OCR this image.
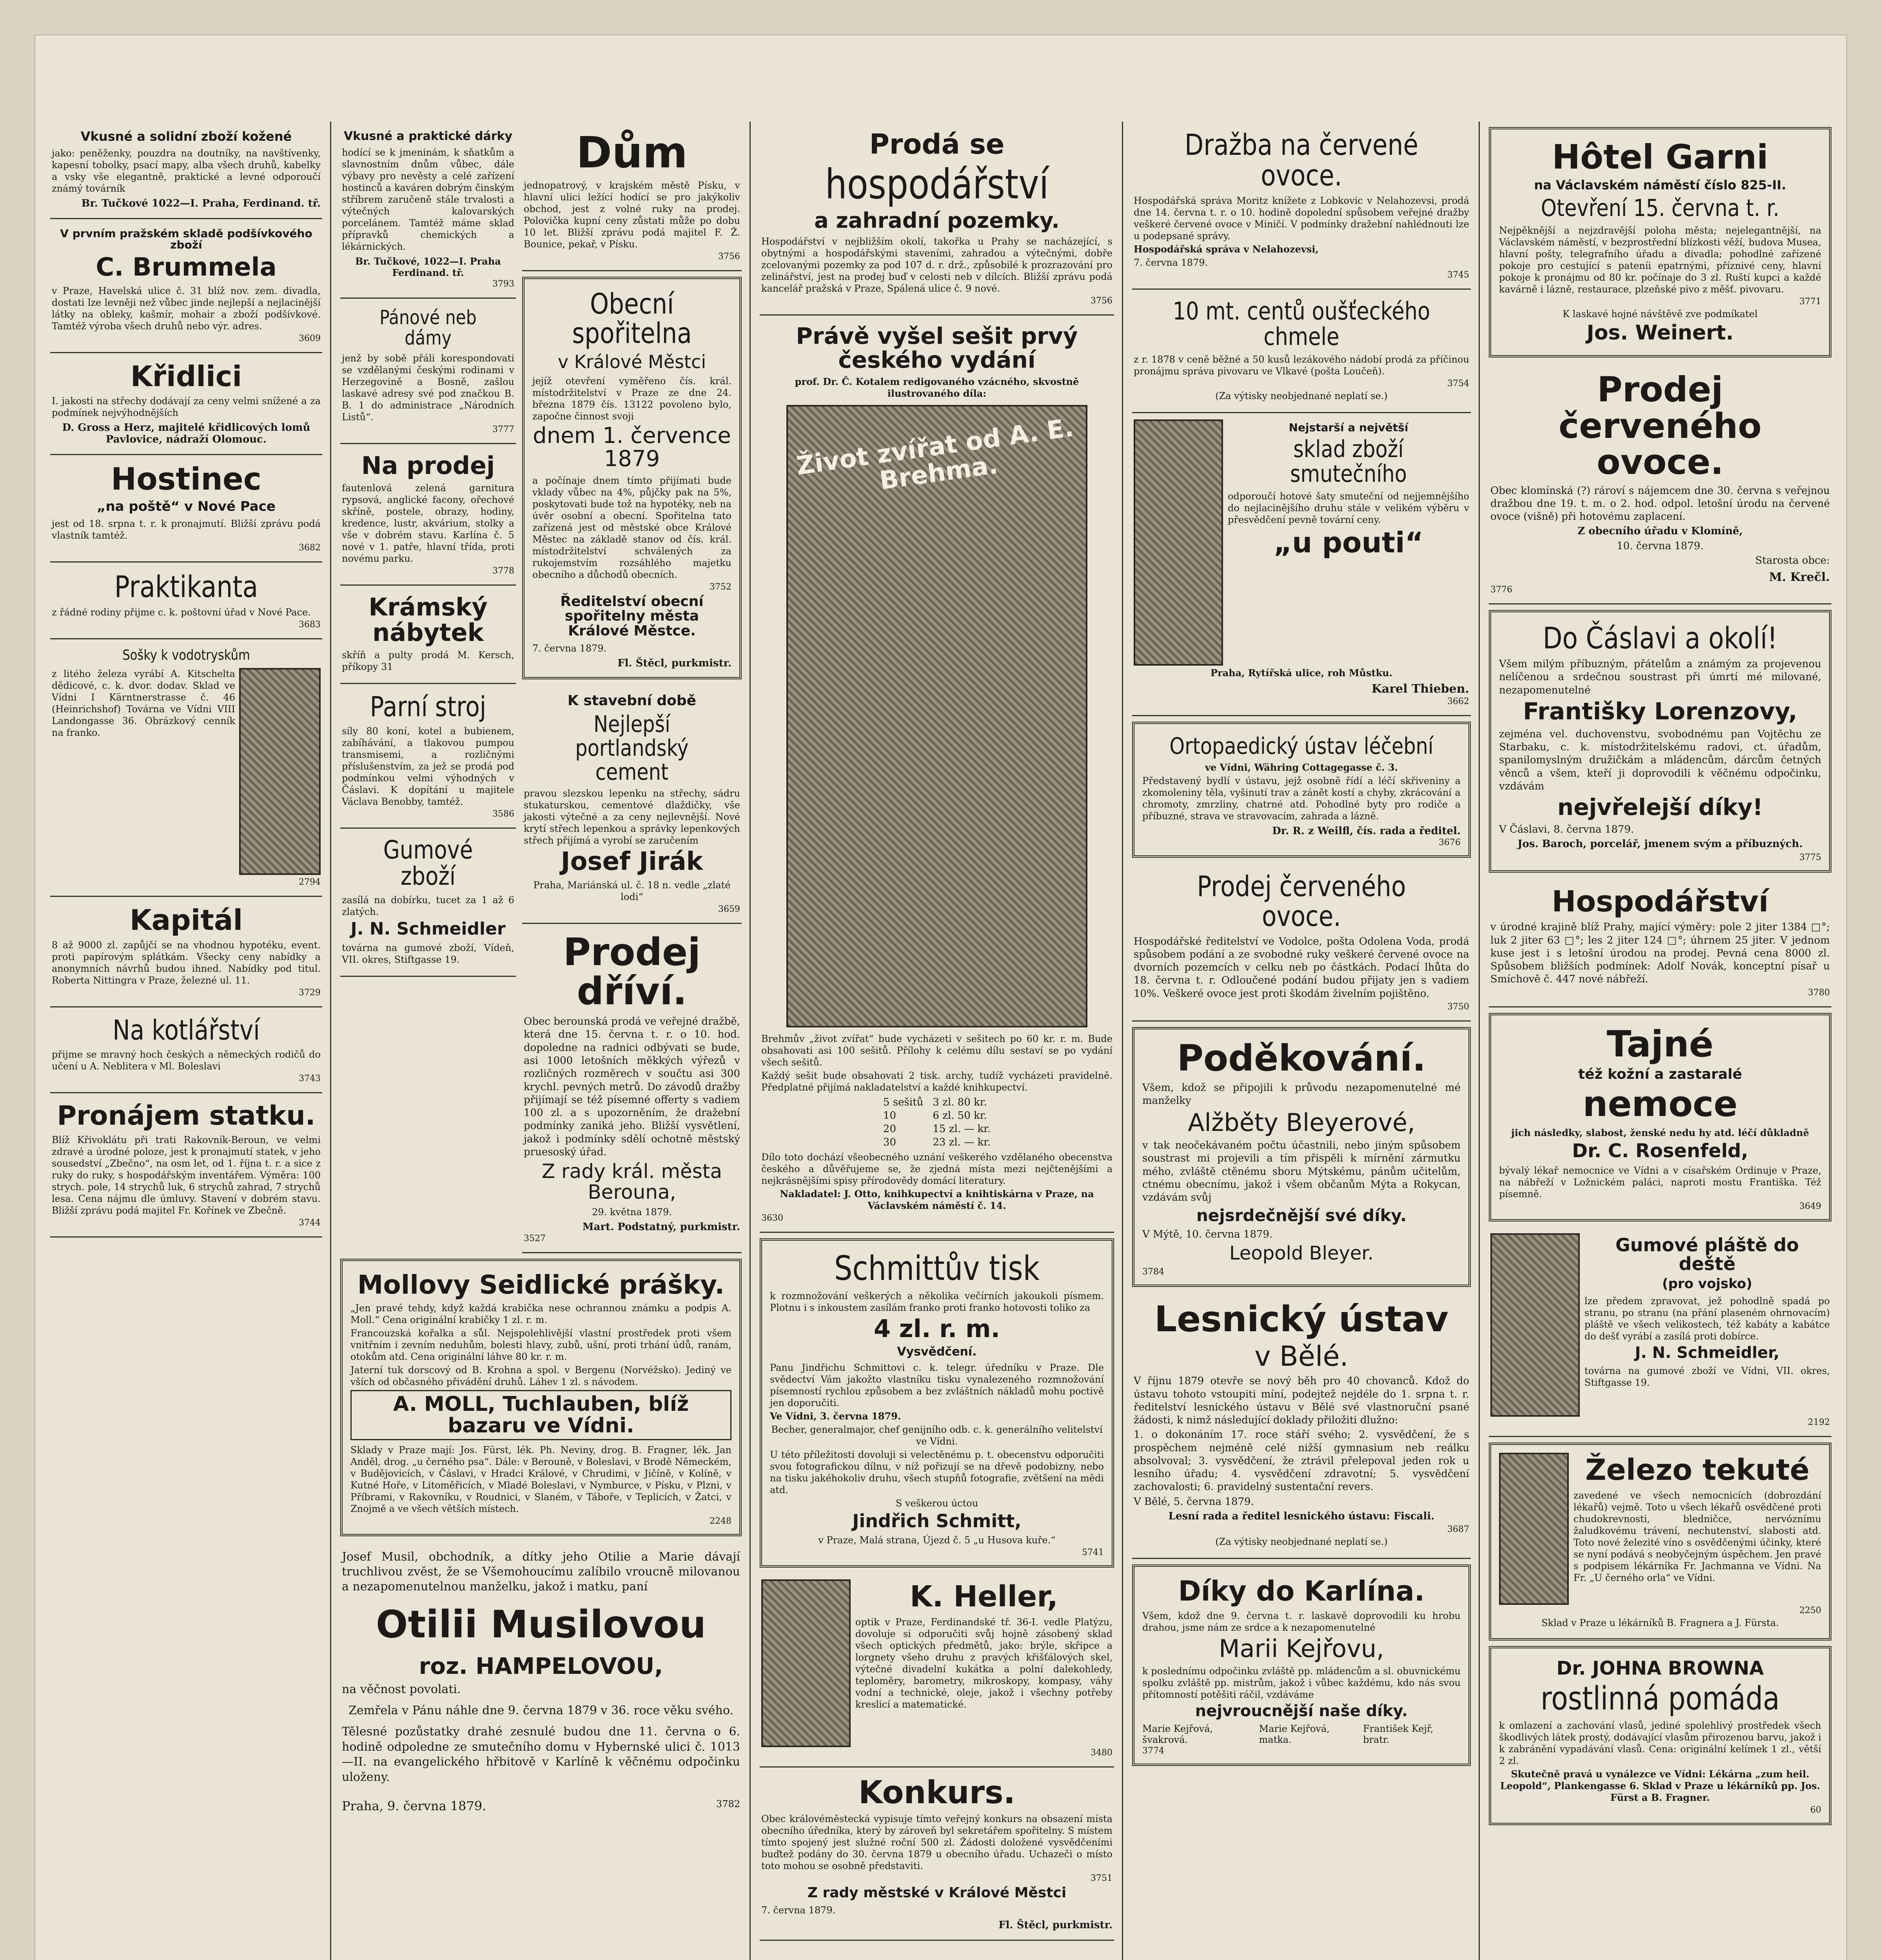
Vkusné a solidní zboží kožené
jako: peněženky, pouzdra na doutníky, na navštívenky, kapesní tobolky, psací mapy, alba všech druhů, kabelky a vsky vše elegantně, praktické a levné odporoučí známý továrník
Br. Tučkové 1022—I. Praha, Ferdinand. tř.
V prvním pražském skladě podšívkového zboží
C. Brummela
v Praze, Havelská ulice č. 31 blíž nov. zem. divadla, dostati lze levněji než vůbec jinde nejlepší a nejlacinější látky na obleky, kašmír, mohair a zboží podšívkové. Tamtéž výroba všech druhů nebo výr. adres.
3609
Křidlici
I. jakosti na střechy dodávají za ceny velmi snížené a za podmínek nejvýhodnějších
D. Gross a Herz, majitelé křidlicových lomů Pavlovice, nádraží Olomouc.
Hostinec
„na poště“ v Nové Pace
jest od 18. srpna t. r. k pronajmutí. Bližší zprávu podá vlastník tamtéž.
3682
Praktikanta
z řádné rodiny přijme c. k. poštovní úřad v Nové Pace.
3683
Sošky k vodotryskům
z litého železa vyrábí A. Kitschelta dědicové, c. k. dvor. dodav. Sklad ve Vídni I Kärntnerstrasse č. 46 (Heinrichshof) Továrna ve Vídni VIII Landongasse 36. Obrázkový cenník na franko.
2794
Kapitál
8 až 9000 zl. zapůjčí se na vhodnou hypotéku, event. proti papírovým splátkám. Všecky ceny nabídky a anonymních návrhů budou ihned. Nabídky pod titul. Roberta Nittingra v Praze, železné ul. 11.
3729
Na kotlářství
přijme se mravný hoch českých a německých rodičů do učení u A. Neblitera v Ml. Boleslavi
3743
Pronájem statku.
Blíž Křivoklátu při trati Rakovník-Beroun, ve velmi zdravé a úrodné poloze, jest k pronajmutí statek, v jeho sousedství „Zbečno“, na osm let, od 1. října t. r. a sice z ruky do ruky, s hospodářským inventářem. Výměra: 100 strych. pole, 14 strychů luk, 6 strychů zahrad, 7 strychů lesa. Cena nájmu dle úmluvy. Stavení v dobrém stavu. Bližší zprávu podá majitel Fr. Kořínek ve Zbečně.
3744
Vkusné a praktické dárky
hodící se k jmeninám, k sňatkům a slavnostním dnům vůbec, dále výbavy pro nevěsty a celé zařízení hostinců a kaváren dobrým činským stříbrem zaručeně stále trvalosti a výtečných kalovarských porcelánem. Tamtéž máme sklad přípravků chemických a lékárnických.
Br. Tučkové, 1022—I. Praha Ferdinand. tř.
3793
Pánové neb dámy
jenž by sobě přáli korespondovati se vzdělanými českými rodinami v Herzegovině a Bosně, zašlou laskavé adresy své pod značkou B. B. 1 do administrace „Národních Listů“.
3777
Na prodej
fautenlová zelená garnitura rypsová, anglické facony, ořechové skříně, postele, obrazy, hodiny, kredence, lustr, akvárium, stolky a vše v dobrém stavu. Karlína č. 5 nové v 1. patře, hlavní třída, proti novému parku.
3778
Krámský nábytek
skříň a pulty prodá M. Kersch, příkopy 31
Parní stroj
síly 80 koní, kotel a bubienem, zabíhávání, a tlakovou pumpou transmisemi, a rozličnými příslušenstvím, za jež se prodá pod podmínkou velmi výhodných v Čáslavi. K dopítání u majitele Václava Benobby, tamtéž.
3586
Gumové zboží
zasílá na dobírku, tucet za 1 až 6 zlatých.
J. N. Schmeidler
továrna na gumové zboží, Vídeň, VII. okres, Stiftgasse 19.
Dům
jednopatrový, v krajském městě Písku, v hlavní ulici ležící hodící se pro jakýkoliv obchod, jest z volné ruky na prodej. Polovička kupní ceny zůstati může po dobu 10 let. Bližší zprávu podá majitel F. Ž. Bounice, pekař, v Písku.
3756
Obecní spořitelna
v Králové Městci
jejíž otevření vyměřeno čís. král. místodržitelství v Praze ze dne 24. března 1879 čís. 13122 povoleno bylo, započne činnost svoji
dnem 1. července 1879
a počínaje dnem tímto přijímati bude vklady vůbec na 4%, půjčky pak na 5%, poskytovati bude tož na hypotéky, neb na úvěr osobní a obecní. Spořitelna tato zařízená jest od městské obce Králové Městec na základě stanov od čís. král. místodržitelství schválených za rukojemstvím rozsáhlého majetku obecního a důchodů obecních.
3752
Ředitelství obecní spořitelny města Králové Městce.
7. června 1879.
Fl. Štěcl, purkmistr.
K stavební době
Nejlepší portlandský cement
pravou slezskou lepenku na střechy, sádru stukaturskou, cementové dlaždičky, vše jakosti výtečné a za ceny nejlevnější. Nové krytí střech lepenkou a správky lepenkových střech přijímá a vyrobí se zaručením
Josef Jirák
Praha, Mariánská ul. č. 18 n. vedle „zlaté lodi“
3659
Prodej dříví.
Obec berounská prodá ve veřejné dražbě, která dne 15. června t. r. o 10. hod. dopoledne na radnici odbývati se bude, asi 1000 letošních měkkých výřezů v rozličných rozměrech v součtu asi 300 krychl. pevných metrů. Do závodů dražby přijímají se též písemné offerty s vadiem 100 zl. a s upozorněním, že dražební podmínky zaniká jeho. Bližší vysvětlení, jakož i podmínky sdělí ochotně městský pruesoský úřad.
Z rady král. města Berouna,
29. května 1879.
Mart. Podstatný, purkmistr.
3527
Mollovy Seidlické prášky.
„Jen pravé tehdy, když každá krabička nese ochrannou známku a podpis A. Moll.“ Cena originální krabičky 1 zl. r. m.
Francouzská kořalka a sůl. Nejspolehlivější vlastní prostředek proti všem vnitřním i zevním neduhům, bolesti hlavy, zubů, ušní, proti trhání údů, ranám, otokům atd. Cena originální láhve 80 kr. r. m.
Jaterní tuk dorscový od B. Krohna a spol. v Bergenu (Norvéžsko). Jediný ve vších od občasného přivádění druhů. Láhev 1 zl. s návodem.
A. MOLL, Tuchlauben, blíž bazaru ve Vídni.
Sklady v Praze mají: Jos. Fürst, lék. Ph. Neviny, drog. B. Fragner, lék. Jan Anděl, drog. „u černého psa“. Dále: v Berouně, v Boleslavi, v Brodě Německém, v Budějovicích, v Čáslavi, v Hradci Králové, v Chrudimi, v Jičíně, v Kolíně, v Kutné Hoře, v Litoměřicích, v Mladé Boleslavi, v Nymburce, v Písku, v Plzni, v Příbrami, v Rakovníku, v Roudnici, v Slaném, v Táboře, v Teplicích, v Žatci, v Znojmě a ve všech větších místech.
2248
Josef Musil, obchodník, a dítky jeho Otilie a Marie dávají truchlivou zvěst, že se Všemohoucímu zalíbilo vroucně milovanou a nezapomenutelnou manželku, jakož i matku, paní
Otilii Musilovou
roz. HAMPELOVOU,
na věčnost povolati.
Zemřela v Pánu náhle dne 9. června 1879 v 36. roce věku svého.
Tělesné pozůstatky drahé zesnulé budou dne 11. června o 6. hodině odpoledne ze smutečního domu v Hybernské ulici č. 1013—II. na evangelického hřbitově v Karlíně k věčnému odpočinku uloženy.
Praha, 9. června 1879.	3782
Prodá se
hospodářství
a zahradní pozemky.
Hospodářství v nejbližším okolí, takořka u Prahy se nacházející, s obytnými a hospodářskými staveními, zahradou a výtečnými, dobře zcelovanými pozemky za pod 107 d. r. drž., způsobilé k prozrazování pro zelinářství, jest na prodej buď v celosti neb v dílcích. Bližší zprávu podá kancelář pražská v Praze, Spálená ulice č. 9 nové.
3756
Právě vyšel sešit prvý českého vydání
prof. Dr. Č. Kotalem redigovaného vzácného, skvostně ilustrovaného díla:
Život zvířat od A. E. Brehma.
Brehmův „život zvířat“ bude vycházeti v sešitech po 60 kr. r. m. Bude obsahovati asi 100 sešitů. Přílohy k celému dílu sestaví se po vydání všech sešitů.
Každý sešit bude obsahovati 2 tisk. archy, tudíž vycházeti pravidelně. Předplatné přijímá nakladatelství a každé knihkupectví.
5 sešitů	3 zl. 80 kr.
10	6 zl. 50 kr.
20	15 zl. — kr.
30	23 zl. — kr.
Dílo toto dochází všeobecného uznání veškerého vzdělaného obecenstva českého a důvěřujeme se, že zjedná místa mezi nejčtenějšími a nejkrásnějšími spisy přírodovědy domácí literatury.
Nakladatel: J. Otto, knihkupectví a knihtiskárna v Praze, na Václavském náměstí č. 14.
3630
Schmittův tisk
k rozmnožování veškerých a několika večírních jakoukoli písmem. Plotnu i s inkoustem zasílám franko proti franko hotovosti toliko za
4 zl. r. m.
Vysvědčení.
Panu Jindřichu Schmittovi c. k. telegr. úředníku v Praze. Dle svědectví Vám jakožto vlastníku tisku vynalezeného rozmnožování písemností rychlou způsobem a bez zvláštních nákladů mohu poctivě jen doporučiti.
Ve Vídni, 3. června 1879.
Becher, generalmajor, chef genijního odb. c. k. generálního velitelství ve Vídni.
U této příležitosti dovoluji si velectěnému p. t. obecenstvu odporučiti svou fotografickou dílnu, v níž pořizují se na dřevě podobizny, nebo na tisku jakéhokoliv druhu, všech stupňů fotografie, zvětšení na mědi atd.
S veškerou úctou
Jindřich Schmitt,
v Praze, Malá strana, Újezd č. 5 „u Husova kuře.“
5741
K. Heller,
optik v Praze, Ferdinandské tř. 36-I. vedle Platýzu, dovoluje si odporučiti svůj hojně zásobený sklad všech optických předmětů, jako: brýle, skřipce a lorgnety všeho druhu z pravých křišťálových skel, výtečné divadelní kukátka a polní dalekohledy, teploměry, barometry, mikroskopy, kompasy, váhy vodní a technické, oleje, jakož i všechny potřeby kreslicí a matematické.
3480
Konkurs.
Obec královéměstecká vypisuje tímto veřejný konkurs na obsazení místa obecního úředníka, který by zároveň byl sekretářem spořitelny. S místem tímto spojený jest služné roční 500 zl. Žádosti doložené vysvědčeními buďtež podány do 30. června 1879 u obecního úřadu. Uchazeči o místo toto mohou se osobně představiti.
3751
Z rady městské v Králové Městci
7. června 1879.
Fl. Štěcl, purkmistr.
Dražba na červené ovoce.
Hospodářská správa Moritz knížete z Lobkovic v Nelahozevsi, prodá dne 14. června t. r. o 10. hodině dopolední spůsobem veřejné dražby veškeré červené ovoce v Miničí. V podmínky dražební nahlédnouti lze u podepsané správy.
Hospodářská správa v Nelahozevsi,
7. června 1879.
3745
10 mt. centů oušťeckého chmele
z r. 1878 v ceně běžné a 50 kusů lezákového nádobí prodá za příčinou pronájmu správa pivovaru ve Vlkavé (pošta Loučeň).
3754
(Za výtisky neobjednané neplatí se.)
Nejstarší a největší
sklad zboží smutečního
odporoučí hotové šaty smuteční od nejjemnějšího do nejlacinějšího druhu stále v velikém výběru v přesvědčení pevně tovární ceny.
„u pouti“
Praha, Rytířská ulice, roh Můstku.
Karel Thieben.
3662
Ortopaedický ústav léčební
ve Vídni, Währing Cottagegasse č. 3.
Představený bydlí v ústavu, jejž osobně řídí a léčí skřiveniny a zkomoleniny těla, vyšinutí trav a zánět kostí a chyby, zkrácování a chromoty, zmrzliny, chatrné atd. Pohodlné byty pro rodiče a příbuzné, strava ve stravovacím, zahrada a lázně.
Dr. R. z Weilfl, čís. rada a ředitel.
3676
Prodej červeného ovoce.
Hospodářské ředitelství ve Vodolce, pošta Odolena Voda, prodá spůsobem podání a ze svobodné ruky veškeré červené ovoce na dvorních pozemcích v celku neb po částkách. Podací lhůta do 18. června t. r. Odloučené podání budou přijaty jen s vadiem 10%. Veškeré ovoce jest proti škodám živelním pojištěno.
3750
Poděkování.
Všem, kdož se připojili k průvodu nezapomenutelné mé manželky
Alžběty Bleyerové,
v tak neočekávaném počtu účastnili, nebo jiným spůsobem soustrast mi projevili a tím přispěli k mírnění zármutku mého, zvláště ctěnému sboru Mýtskému, pánům učitelům, ctnému obecnímu, jakož i všem občanům Mýta a Rokycan, vzdávám svůj
nejsrdečnější své díky.
V Mýtě, 10. června 1879.
Leopold Bleyer.
3784
Lesnický ústav
v Bělé.
V říjnu 1879 otevře se nový běh pro 40 chovanců. Kdož do ústavu tohoto vstoupiti míní, podejtež nejdéle do 1. srpna t. r. ředitelství lesnického ústavu v Bělé své vlastnoruční psané žádosti, k nimž následující doklady přiložiti dlužno:
1. o dokonáním 17. roce stáří svého; 2. vysvědčení, že s prospěchem nejméně celé nižší gymnasium neb reálku absolvoval; 3. vysvědčení, že ztrávil přelepoval jeden rok u lesního úřadu; 4. vysvědčení zdravotní; 5. vysvědčení zachovalosti; 6. pravidelný sustentační revers.
V Bělé, 5. června 1879.
Lesní rada a ředitel lesnického ústavu: Fiscali.
3687
(Za výtisky neobjednané neplatí se.)
Díky do Karlína.
Všem, kdož dne 9. června t. r. laskavě doprovodili ku hrobu drahou, jsme nám ze srdce a k nezapomenutelné
Marii Kejřovu,
k poslednímu odpočinku zvláště pp. mládencům a sl. obuvnickému spolku zvláště pp. mistrům, jakož i vůbec každému, kdo nás svou přítomností potěšiti ráčil, vzdáváme
nejvroucnější naše díky.
Marie Kejřová, švakrová.
Marie Kejřová, matka.
František Kejř, bratr.
3774
Hôtel Garni
na Václavském náměstí číslo 825-II.
Otevření 15. června t. r.
Nejpěknější a nejzdravější poloha města; nejelegantnější, na Václavském náměstí, v bezprostřední blízkosti věží, budova Musea, hlavní pošty, telegrafního úřadu a divadla; pohodlné zařízené pokoje pro cestující s pateníi epatrnými, příznivé ceny, hlavní pokoje k pronájmu od 80 kr. počínaje do 3 zl. Ruští kupci a každé kavárně i lázně, restaurace, plzeňské pivo z měšť. pivovaru.
3771
K laskavé hojné návštěvě zve podmíkatel
Jos. Weinert.
Prodej červeného ovoce.
Obec klomínská (?) rároví s nájemcem dne 30. června s veřejnou dražbou dne 19. t. m. o 2. hod. odpol. letošní úrodu na červené ovoce (višně) při hotovému zaplacení.
Z obecního úřadu v Klomíně,
10. června 1879.
Starosta obce:
M. Krečl.
3776
Do Čáslavi a okolí!
Všem milým příbuzným, přátelům a známým za projevenou nelíčenou a srdečnou soustrast při úmrtí mé milované, nezapomenutelné
Františky Lorenzovy,
zejména vel. duchovenstvu, svobodnému pan Vojtěchu ze Starbaku, c. k. místodržitelskému radovi, ct. úřadům, spanilomyslným družičkám a mládencům, dárcům četných věnců a všem, kteří ji doprovodili k věčnému odpočinku, vzdávám
nejvřelejší díky!
V Čáslavi, 8. června 1879.
Jos. Baroch, porcelář, jmenem svým a příbuzných.
3775
Hospodářství
v úrodné krajině blíž Prahy, mající výměry: pole 2 jiter 1384 □°; luk 2 jiter 63 □°; les 2 jiter 124 □°; úhrnem 25 jiter. V jednom kuse jest i s letošní úrodou na prodej. Pevná cena 8000 zl. Spůsobem bližších podmínek: Adolf Novák, konceptní písař u Smíchově č. 447 nové nábřeží.
3780
Tajné
též kožní a zastaralé
nemoce
jich následky, slabost, ženské nedu hy atd. léčí důkladně
Dr. C. Rosenfeld,
bývalý lékař nemocnice ve Vídni a v císařském Ordinuje v Praze, na nábřeží v Ložnickém paláci, naproti mostu Františka. Též písemně.
3649
Gumové pláště do deště
(pro vojsko)
lze předem zpravovat, jež pohodlně spadá po stranu, po stranu (na přání plaseném ohrnovacím) pláště ve všech velikostech, též kabáty a kabátce do dešť vyrábí a zasílá proti dobírce.
J. N. Schmeidler,
továrna na gumové zboží ve Vídni, VII. okres, Stiftgasse 19.
2192
Železo tekuté
zavedené ve všech nemocnicích (dobrozdání lékařů) vejmě. Toto u všech lékařů osvědčené proti chudokrevnosti, bledničce, nervóznímu žaludkovému trávení, nechutenství, slabosti atd. Toto nové železité víno s osvědčenými účinky, které se nyní podává s neobyčejným úspěchem. Jen pravé s podpisem lékárníka Fr. Jachmanna ve Vídni. Na Fr. „U černého orla“ ve Vídni.
2250
Sklad v Praze u lékárníků B. Fragnera a J. Fürsta.
Dr. JOHNA BROWNA
rostlinná pomáda
k omlazení a zachování vlasů, jediné spolehlivý prostředek všech škodlivých látek prostý, dodávající vlasům přirozenou barvu, jakož i k zabránění vypadávání vlasů. Cena: originální kelímek 1 zl., větší 2 zl.
Skutečně pravá u vynálezce ve Vídni: Lékárna „zum heil. Leopold“, Plankengasse 6. Sklad v Praze u lékárníků pp. Jos. Fürst a B. Fragner.
60
